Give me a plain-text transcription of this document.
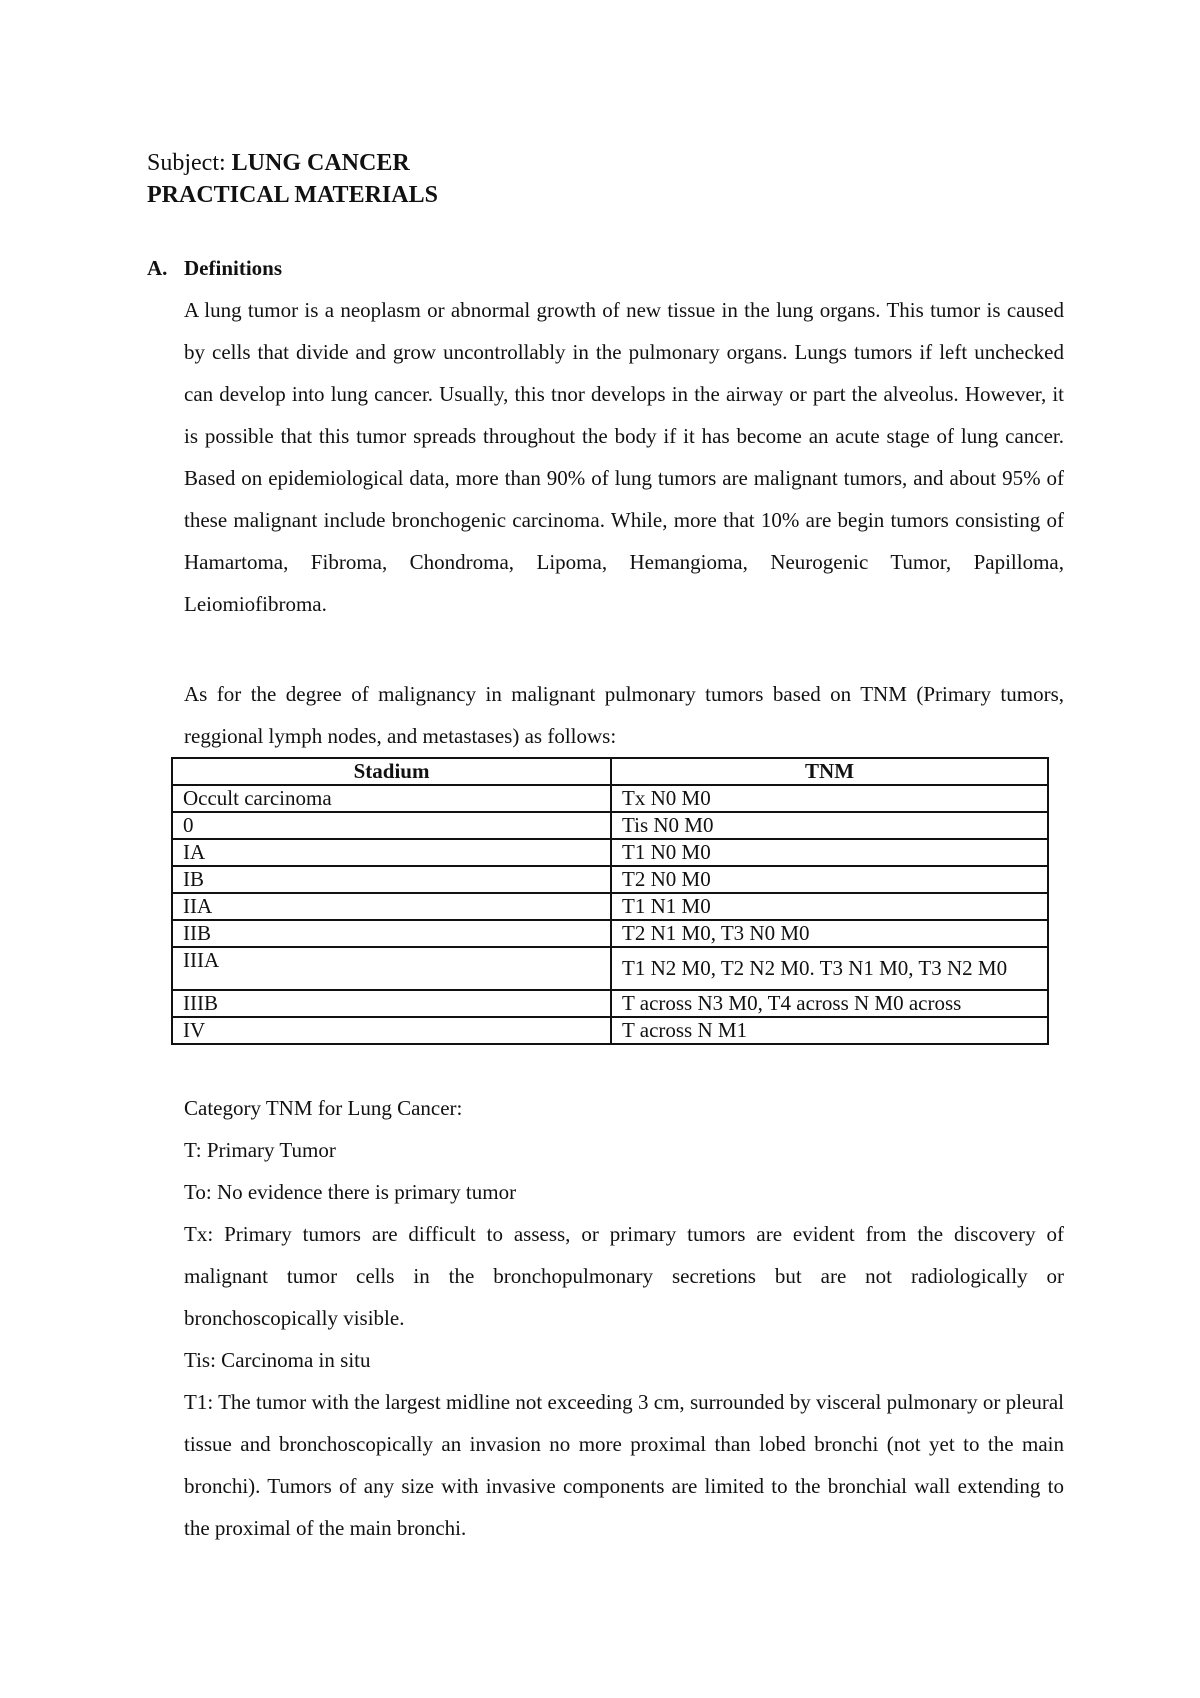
Subject: LUNG CANCER
PRACTICAL MATERIALS
A. Definitions

A lung tumor is a neoplasm or abnormal growth of new tissue in the lung organs. This tumor is caused by cells that divide and grow uncontrollably in the pulmonary organs. Lungs tumors if left unchecked can develop into lung cancer. Usually, this tnor develops in the airway or part the alveolus. However, it is possible that this tumor spreads throughout the body if it has become an acute stage of lung cancer. Based on epidemiological data, more than 90% of lung tumors are malignant tumors, and about 95% of these malignant include bronchogenic carcinoma. While, more that 10% are begin tumors consisting of Hamartoma, Fibroma, Chondroma, Lipoma, Hemangioma, Neurogenic Tumor, Papilloma, Leiomiofibroma.

As for the degree of malignancy in malignant pulmonary tumors based on TNM (Primary tumors, reggional lymph nodes, and metastases) as follows:

Stadium	TNM
Occult carcinoma	Tx N0 M0
0	Tis N0 M0
IA	T1 N0 M0
IB	T2 N0 M0
IIA	T1 N1 M0
IIB	T2 N1 M0, T3 N0 M0
IIIA	T1 N2 M0, T2 N2 M0. T3 N1 M0, T3 N2 M0
IIIB	T across N3 M0, T4 across N M0 across
IV	T across N M1

Category TNM for Lung Cancer:

T: Primary Tumor

To: No evidence there is primary tumor

Tx: Primary tumors are difficult to assess, or primary tumors are evident from the discovery of malignant tumor cells in the bronchopulmonary secretions but are not radiologically or bronchoscopically visible.

Tis: Carcinoma in situ

T1: The tumor with the largest midline not exceeding 3 cm, surrounded by visceral pulmonary or pleural tissue and bronchoscopically an invasion no more proximal than lobed bronchi (not yet to the main bronchi). Tumors of any size with invasive components are limited to the bronchial wall extending to the proximal of the main bronchi.
